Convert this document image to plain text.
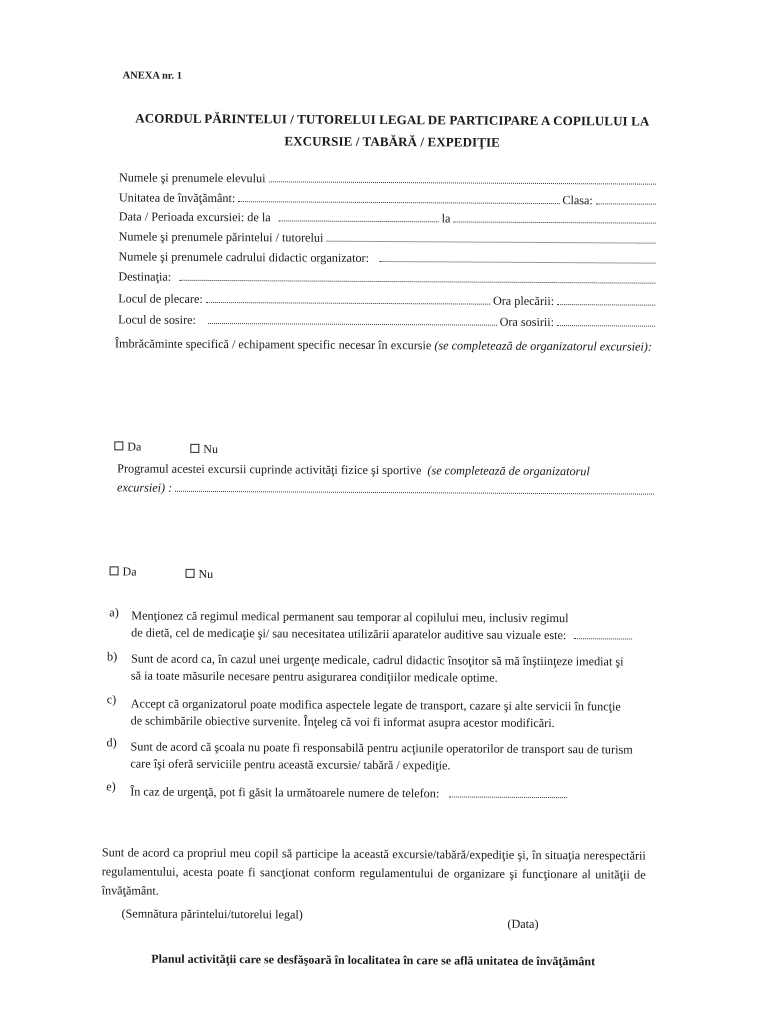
ANEXA nr. 1
ACORDUL PĂRINTELUI / TUTORELUI LEGAL DE PARTICIPARE A COPILULUI LA
EXCURSIE / TABĂRĂ / EXPEDIŢIE
Numele şi prenumele elevului
Unitatea de învăţământ:	Clasa:
Data / Perioada excursiei: de la	la
Numele şi prenumele părintelui / tutorelui
Numele şi prenumele cadrului didactic organizator:
Destinaţia:
Locul de plecare:	Ora plecării:
Locul de sosire:	Ora sosirii:
Îmbrăcăminte specifică / echipament specific necesar în excursie (se completează de organizatorul excursiei):
Da	Nu
Programul acestei excursii cuprinde activităţi fizice şi sportive (se completează de organizatorul
excursiei) :
Da	Nu
a) Menţionez că regimul medical permanent sau temporar al copilului meu, inclusiv regimul
de dietă, cel de medicaţie şi/ sau necesitatea utilizării aparatelor auditive sau vizuale este:
b) Sunt de acord ca, în cazul unei urgenţe medicale, cadrul didactic însoţitor să mă înştiinţeze imediat şi
să ia toate măsurile necesare pentru asigurarea condiţiilor medicale optime.
c) Accept că organizatorul poate modifica aspectele legate de transport, cazare şi alte servicii în funcţie
de schimbările obiective survenite. Înţeleg că voi fi informat asupra acestor modificări.
d) Sunt de acord că şcoala nu poate fi responsabilă pentru acţiunile operatorilor de transport sau de turism
care îşi oferă serviciile pentru această excursie/ tabără / expediţie.
e) În caz de urgenţă, pot fi găsit la următoarele numere de telefon:
Sunt de acord ca propriul meu copil să participe la această excursie/tabără/expediţie şi, în situaţia nerespectării regulamentului, acesta poate fi sancţionat conform regulamentului de organizare şi funcţionare al unităţii de învăţământ.
(Semnătura părintelui/tutorelui legal)
(Data)
Planul activităţii care se desfăşoară în localitatea în care se află unitatea de învăţământ
